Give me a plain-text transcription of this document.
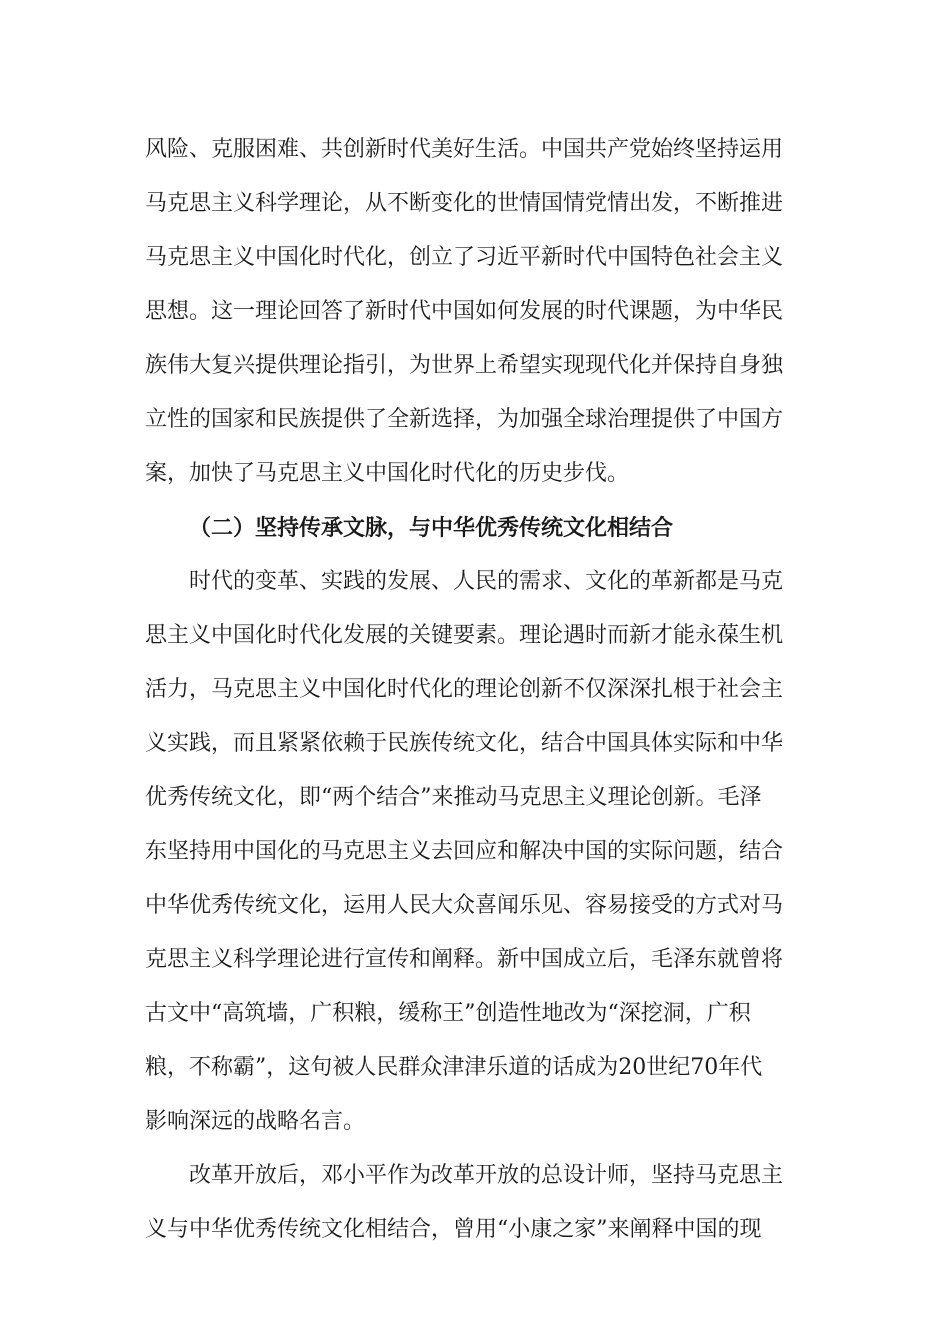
风险、克服困难、共创新时代美好生活。中国共产党始终坚持运用
马克思主义科学理论，从不断变化的世情国情党情出发，不断推进
马克思主义中国化时代化，创立了习近平新时代中国特色社会主义
思想。这一理论回答了新时代中国如何发展的时代课题，为中华民
族伟大复兴提供理论指引，为世界上希望实现现代化并保持自身独
立性的国家和民族提供了全新选择，为加强全球治理提供了中国方
案，加快了马克思主义中国化时代化的历史步伐。
（二）坚持传承文脉，与中华优秀传统文化相结合
时代的变革、实践的发展、人民的需求、文化的革新都是马克
思主义中国化时代化发展的关键要素。理论遇时而新才能永葆生机
活力，马克思主义中国化时代化的理论创新不仅深深扎根于社会主
义实践，而且紧紧依赖于民族传统文化，结合中国具体实际和中华
优秀传统文化，即“两个结合”来推动马克思主义理论创新。毛泽
东坚持用中国化的马克思主义去回应和解决中国的实际问题，结合
中华优秀传统文化，运用人民大众喜闻乐见、容易接受的方式对马
克思主义科学理论进行宣传和阐释。新中国成立后，毛泽东就曾将
古文中“高筑墙，广积粮，缓称王”创造性地改为“深挖洞，广积
粮，不称霸”，这句被人民群众津津乐道的话成为20世纪70年代
影响深远的战略名言。
改革开放后，邓小平作为改革开放的总设计师，坚持马克思主
义与中华优秀传统文化相结合，曾用“小康之家”来阐释中国的现
